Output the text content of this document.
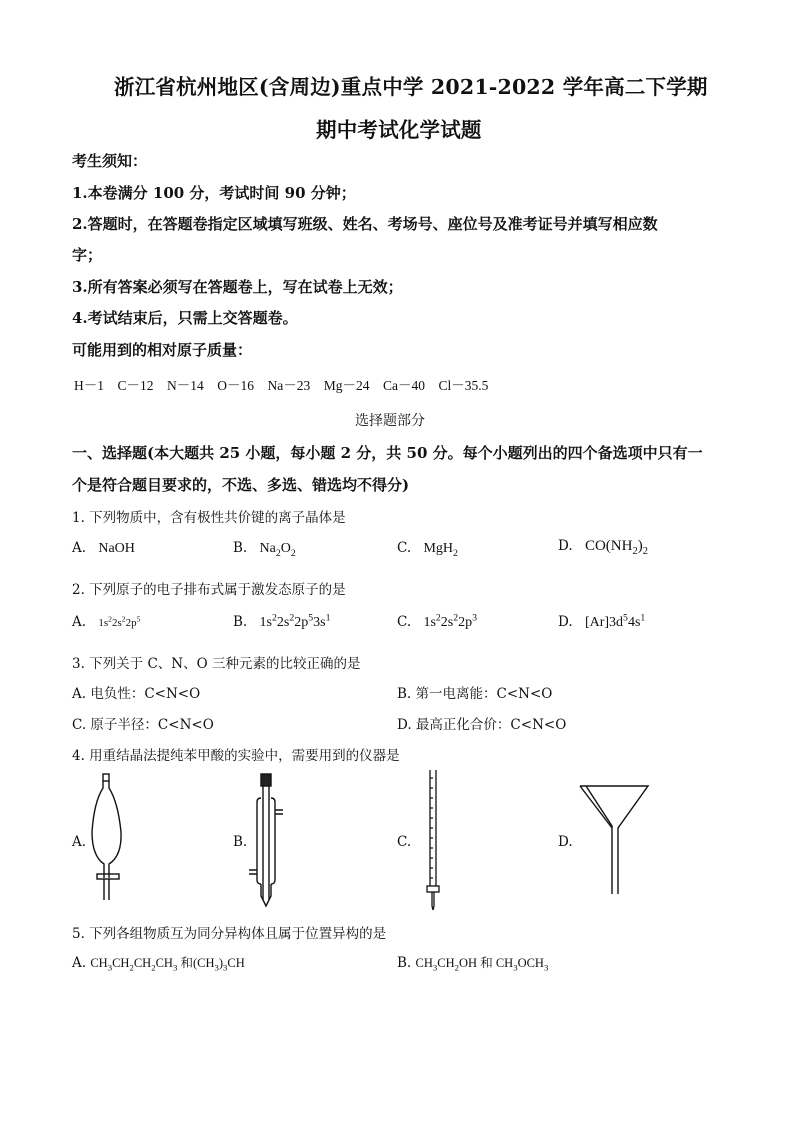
浙江省杭州地区(含周边)重点中学 2021-2022 学年高二下学期
期中考试化学试题
考生须知：
1.本卷满分 100 分，考试时间 90 分钟；
2.答题时，在答题卷指定区域填写班级、姓名、考场号、座位号及准考证号并填写相应数
字；
3.所有答案必须写在答题卷上，写在试卷上无效；
4.考试结束后，只需上交答题卷。
可能用到的相对原子质量：
H－1　C－12　N－14　O－16　Na－23　Mg－24　Ca－40　Cl－35.5
选择题部分
一、选择题(本大题共 25 小题，每小题 2 分，共 50 分。每个小题列出的四个备选项中只有一
个是符合题目要求的，不选、多选、错选均不得分)
1. 下列物质中，含有极性共价键的离子晶体是
A. NaOH	B. $Na_2O_2$	C. MgH$_2$	D. $CO(NH_2)_2$
2. 下列原子的电子排布式属于激发态原子的是
A. $1s^22s^22p^5$	B. $1s^22s^22p^53s^1$	C. $1s^22s^22p^3$	D. $[Ar]3d^54s^1$
3. 下列关于 C、N、O 三种元素的比较正确的是
A. 电负性：C<N<O	B. 第一电离能：C<N<O
C. 原子半径：C<N<O	D. 最高正化合价：C<N<O
4. 用重结晶法提纯苯甲酸的实验中，需要用到的仪器是
A.	B.	C.	D.
5. 下列各组物质互为同分异构体且属于位置异构的是
A. $CH_3CH_2CH_2CH_3$ 和$(CH_3)_3CH$	B. $CH_3CH_2OH$ 和 $CH_3OCH_3$
